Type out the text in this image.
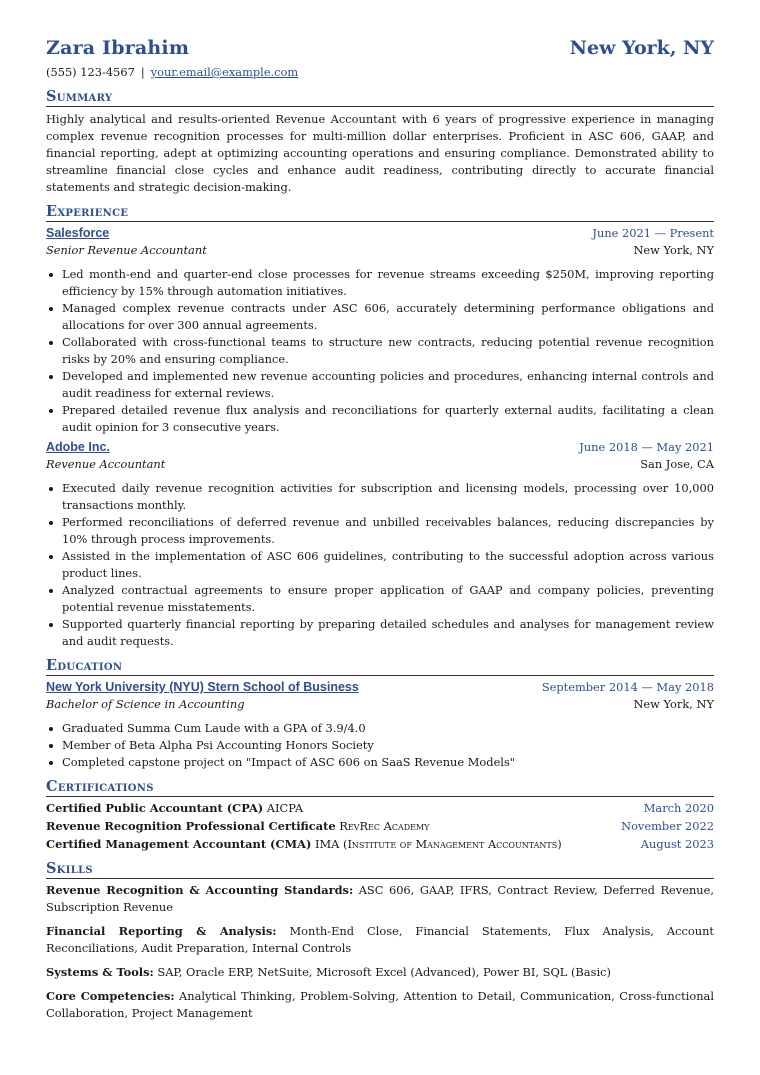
Zara Ibrahim	New York, NY
(555) 123-4567 | your.email@example.com
Summary

Highly analytical and results-oriented Revenue Accountant with 6 years of progressive experience in managing complex revenue recognition processes for multi-million dollar enterprises. Proficient in ASC 606, GAAP, and financial reporting, adept at optimizing accounting operations and ensuring compliance. Demonstrated ability to streamline financial close cycles and enhance audit readiness, contributing directly to accurate financial statements and strategic decision-making.

Experience
Salesforce	June 2021 — Present
Senior Revenue Accountant	New York, NY
Led month-end and quarter-end close processes for revenue streams exceeding $250M, improving reporting efficiency by 15% through automation initiatives.
Managed complex revenue contracts under ASC 606, accurately determining performance obligations and allocations for over 300 annual agreements.
Collaborated with cross-functional teams to structure new contracts, reducing potential revenue recognition risks by 20% and ensuring compliance.
Developed and implemented new revenue accounting policies and procedures, enhancing internal controls and audit readiness for external reviews.
Prepared detailed revenue flux analysis and reconciliations for quarterly external audits, facilitating a clean audit opinion for 3 consecutive years.
Adobe Inc.	June 2018 — May 2021
Revenue Accountant	San Jose, CA
Executed daily revenue recognition activities for subscription and licensing models, processing over 10,000 transactions monthly.
Performed reconciliations of deferred revenue and unbilled receivables balances, reducing discrepancies by 10% through process improvements.
Assisted in the implementation of ASC 606 guidelines, contributing to the successful adoption across various product lines.
Analyzed contractual agreements to ensure proper application of GAAP and company policies, preventing potential revenue misstatements.
Supported quarterly financial reporting by preparing detailed schedules and analyses for management review and audit requests.
Education
New York University (NYU) Stern School of Business	September 2014 — May 2018
Bachelor of Science in Accounting	New York, NY
Graduated Summa Cum Laude with a GPA of 3.9/4.0
Member of Beta Alpha Psi Accounting Honors Society
Completed capstone project on "Impact of ASC 606 on SaaS Revenue Models"
Certifications
Certified Public Accountant (CPA) AICPA	March 2020
Revenue Recognition Professional Certificate RevRec Academy	November 2022
Certified Management Accountant (CMA) IMA (Institute of Management Accountants)	August 2023
Skills

Revenue Recognition & Accounting Standards: ASC 606, GAAP, IFRS, Contract Review, Deferred Revenue, Subscription Revenue

Financial Reporting & Analysis: Month-End Close, Financial Statements, Flux Analysis, Account Reconciliations, Audit Preparation, Internal Controls

Systems & Tools: SAP, Oracle ERP, NetSuite, Microsoft Excel (Advanced), Power BI, SQL (Basic)

Core Competencies: Analytical Thinking, Problem-Solving, Attention to Detail, Communication, Cross-functional Collaboration, Project Management
